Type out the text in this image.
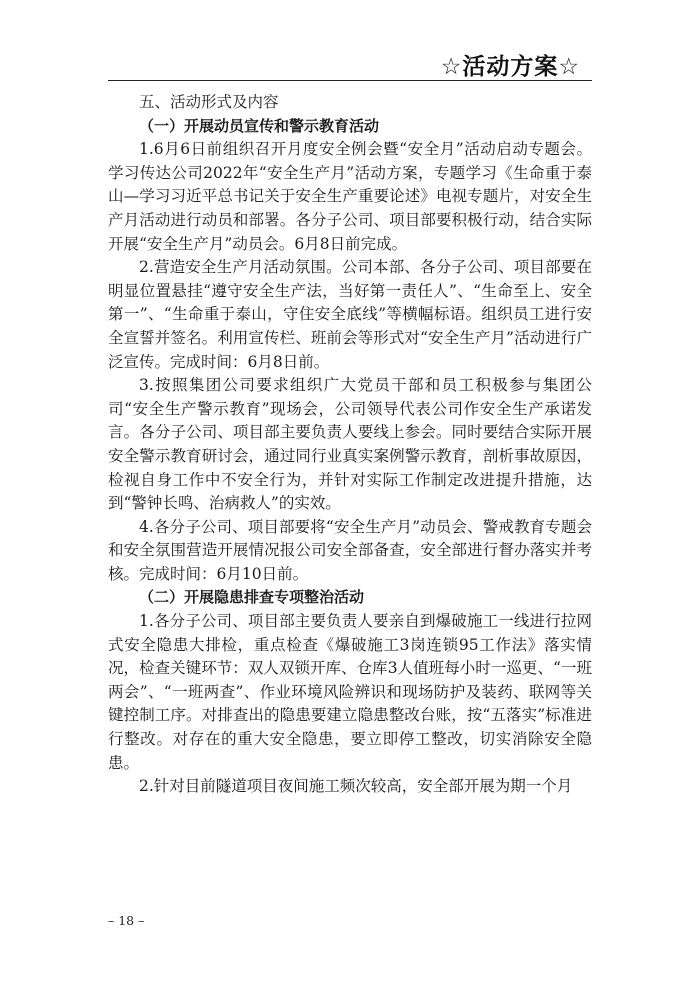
☆活动方案☆

五、活动形式及内容

（一）开展动员宣传和警示教育活动

1.6月6日前组织召开月度安全例会暨“安全月”活动启动专题会。学习传达公司2022年“安全生产月”活动方案，专题学习《生命重于泰山—学习习近平总书记关于安全生产重要论述》电视专题片，对安全生产月活动进行动员和部署。各分子公司、项目部要积极行动，结合实际开展“安全生产月”动员会。6月8日前完成。

2.营造安全生产月活动氛围。公司本部、各分子公司、项目部要在明显位置悬挂“遵守安全生产法，当好第一责任人”、“生命至上、安全第一”、“生命重于泰山，守住安全底线”等横幅标语。组织员工进行安全宣誓并签名。利用宣传栏、班前会等形式对“安全生产月”活动进行广泛宣传。完成时间：6月8日前。

3.按照集团公司要求组织广大党员干部和员工积极参与集团公司“安全生产警示教育”现场会，公司领导代表公司作安全生产承诺发言。各分子公司、项目部主要负责人要线上参会。同时要结合实际开展安全警示教育研讨会，通过同行业真实案例警示教育，剖析事故原因，检视自身工作中不安全行为，并针对实际工作制定改进提升措施，达到“警钟长鸣、治病救人”的实效。

4.各分子公司、项目部要将“安全生产月”动员会、警戒教育专题会和安全氛围营造开展情况报公司安全部备查，安全部进行督办落实并考核。完成时间：6月10日前。

（二）开展隐患排查专项整治活动

1.各分子公司、项目部主要负责人要亲自到爆破施工一线进行拉网式安全隐患大排检，重点检查《爆破施工3岗连锁95工作法》落实情况，检查关键环节：双人双锁开库、仓库3人值班每小时一巡更、“一班两会”、“一班两查”、作业环境风险辨识和现场防护及装药、联网等关键控制工序。对排查出的隐患要建立隐患整改台账，按“五落实”标准进行整改。对存在的重大安全隐患，要立即停工整改，切实消除安全隐患。

2.针对目前隧道项目夜间施工频次较高，安全部开展为期一个月

– 18 –
